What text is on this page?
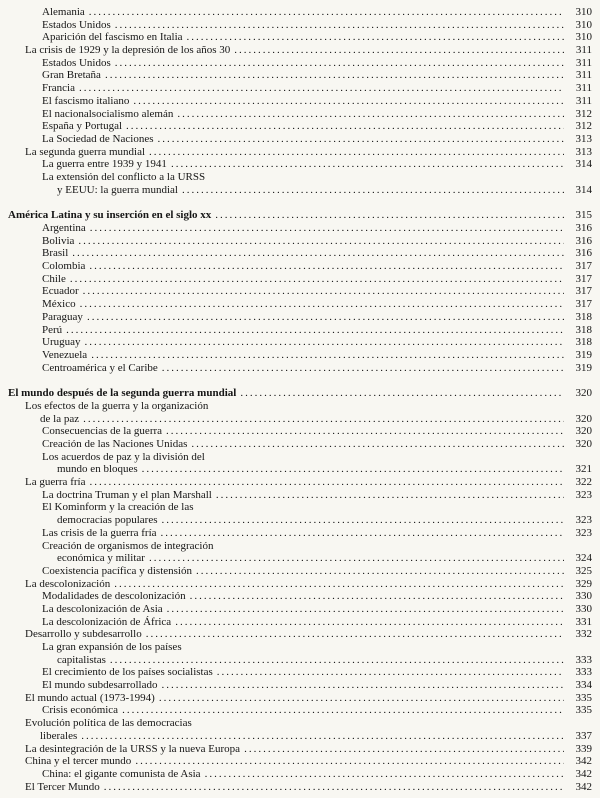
Alemania .....	310
Estados Unidos .....	310
Aparición del fascismo en Italia .....	310
La crisis de 1929 y la depresión de los años 30 .....	311
Estados Unidos .....	311
Gran Bretaña .....	311
Francia .....	311
El fascismo italiano .....	311
El nacionalsocialismo alemán .....	312
España y Portugal .....	312
La Sociedad de Naciones .....	313
La segunda guerra mundial .....	313
La guerra entre 1939 y 1941 .....	314
La extensión del conflicto a la URSS
y EEUU: la guerra mundial .....	314
América Latina y su inserción en el siglo xx .....	315
Argentina .....	316
Bolivia .....	316
Brasil .....	316
Colombia .....	317
Chile .....	317
Ecuador .....	317
México .....	317
Paraguay .....	318
Perú .....	318
Uruguay .....	318
Venezuela .....	319
Centroamérica y el Caribe .....	319
El mundo después de la segunda guerra mundial .....	320
Los efectos de la guerra y la organización
de la paz .....	320
Consecuencias de la guerra .....	320
Creación de las Naciones Unidas .....	320
Los acuerdos de paz y la división del
mundo en bloques .....	321
La guerra fría .....	322
La doctrina Truman y el plan Marshall .....	323
El Kominform y la creación de las
democracias populares .....	323
Las crisis de la guerra fría .....	323
Creación de organismos de integración
económica y militar .....	324
Coexistencia pacífica y distensión .....	325
La descolonización .....	329
Modalidades de descolonización .....	330
La descolonización de Asia .....	330
La descolonización de África .....	331
Desarrollo y subdesarrollo .....	332
La gran expansión de los países
capitalistas .....	333
El crecimiento de los países socialistas .....	333
El mundo subdesarrollado .....	334
El mundo actual (1973-1994) .....	335
Crisis económica .....	335
Evolución política de las democracias
liberales .....	337
La desintegración de la URSS y la nueva Europa .....	339
China y el tercer mundo .....	342
China: el gigante comunista de Asia .....	342
El Tercer Mundo .....	342
